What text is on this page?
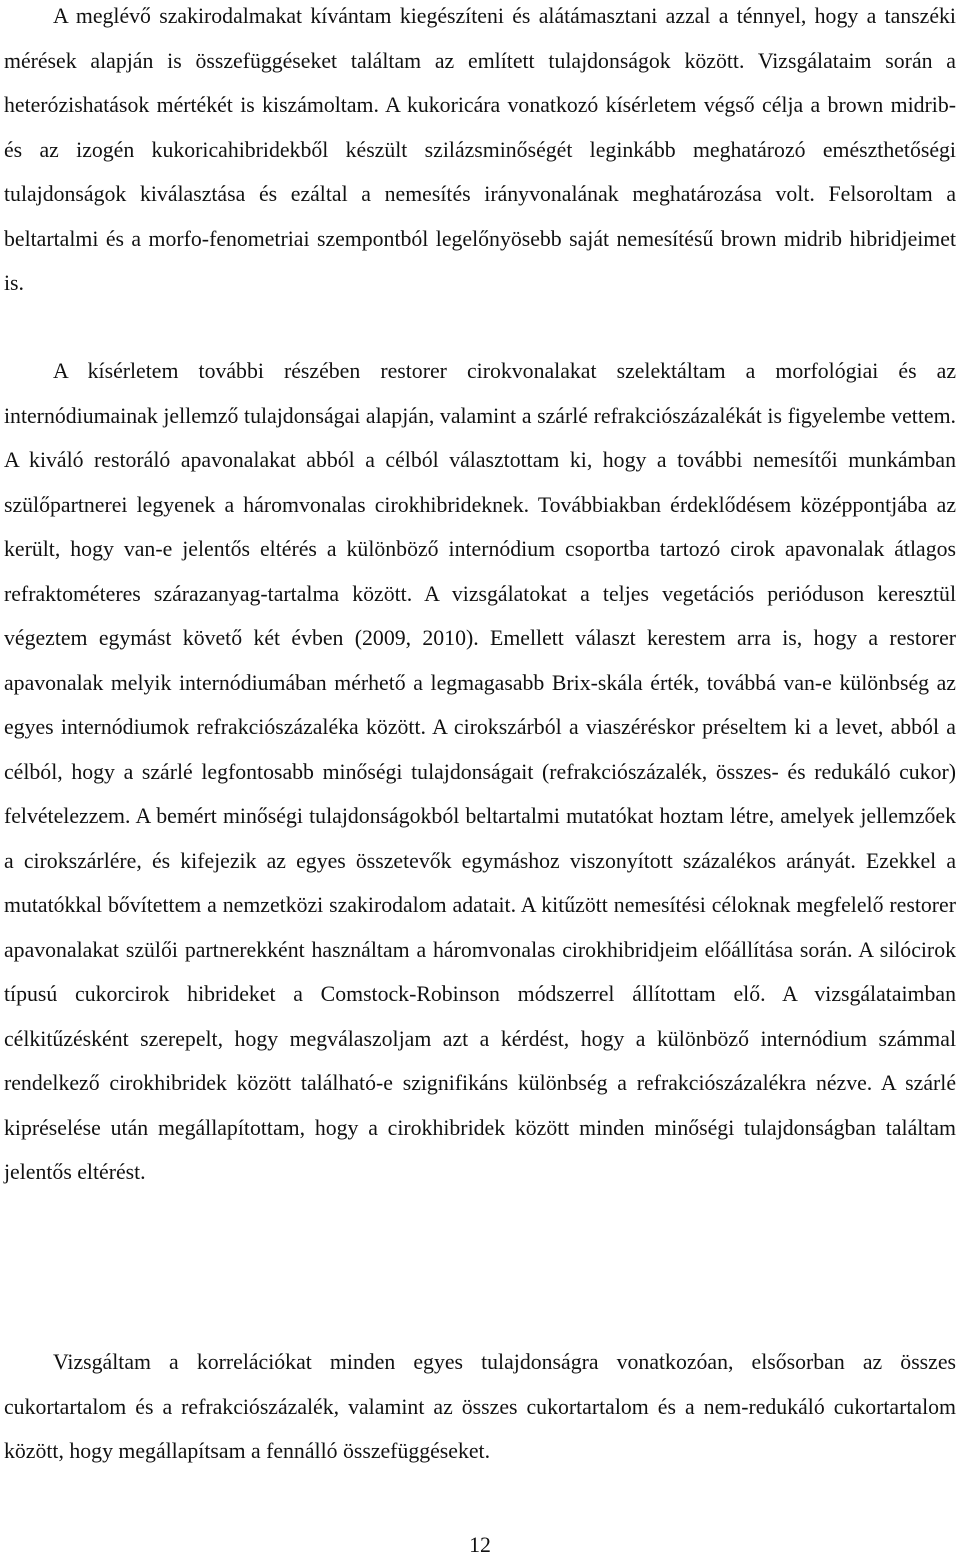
A meglévő szakirodalmakat kívántam kiegészíteni és alátámasztani azzal a ténnyel, hogy a tanszéki mérések alapján is összefüggéseket találtam az említett tulajdonságok között. Vizsgálataim során a heterózishatások mértékét is kiszámoltam. A kukoricára vonatkozó kísérletem végső célja a brown midrib- és az izogén kukoricahibridekből készült szilázsminőségét leginkább meghatározó emészthetőségi tulajdonságok kiválasztása és ezáltal a nemesítés irányvonalának meghatározása volt. Felsoroltam a beltartalmi és a morfo-fenometriai szempontból legelőnyösebb saját nemesítésű brown midrib hibridjeimet is.

A kísérletem további részében restorer cirokvonalakat szelektáltam a morfológiai és az internódiumainak jellemző tulajdonságai alapján, valamint a szárlé refrakciószázalékát is figyelembe vettem. A kiváló restoráló apavonalakat abból a célból választottam ki, hogy a további nemesítői munkámban szülőpartnerei legyenek a háromvonalas cirokhibrideknek. Továbbiakban érdeklődésem középpontjába az került, hogy van-e jelentős eltérés a különböző internódium csoportba tartozó cirok apavonalak átlagos refraktométeres szárazanyag-tartalma között. A vizsgálatokat a teljes vegetációs perióduson keresztül végeztem egymást követő két évben (2009, 2010). Emellett választ kerestem arra is, hogy a restorer apavonalak melyik internódiumában mérhető a legmagasabb Brix-skála érték, továbbá van-e különbség az egyes internódiumok refrakciószázaléka között. A cirokszárból a viaszéréskor préseltem ki a levet, abból a célból, hogy a szárlé legfontosabb minőségi tulajdonságait (refrakciószázalék, összes- és redukáló cukor) felvételezzem. A bemért minőségi tulajdonságokból beltartalmi mutatókat hoztam létre, amelyek jellemzőek a cirokszárlére, és kifejezik az egyes összetevők egymáshoz viszonyított százalékos arányát. Ezekkel a mutatókkal bővítettem a nemzetközi szakirodalom adatait. A kitűzött nemesítési céloknak megfelelő restorer apavonalakat szülői partnerekként használtam a háromvonalas cirokhibridjeim előállítása során. A silócirok típusú cukorcirok hibrideket a Comstock-Robinson módszerrel állítottam elő. A vizsgálataimban célkitűzésként szerepelt, hogy megválaszoljam azt a kérdést, hogy a különböző internódium számmal rendelkező cirokhibridek között található-e szignifikáns különbség a refrakciószázalékra nézve. A szárlé kipréselése után megállapítottam, hogy a cirokhibridek között minden minőségi tulajdonságban találtam jelentős eltérést.

Vizsgáltam a korrelációkat minden egyes tulajdonságra vonatkozóan, elsősorban az összes cukortartalom és a refrakciószázalék, valamint az összes cukortartalom és a nem-redukáló cukortartalom között, hogy megállapítsam a fennálló összefüggéseket.

12
